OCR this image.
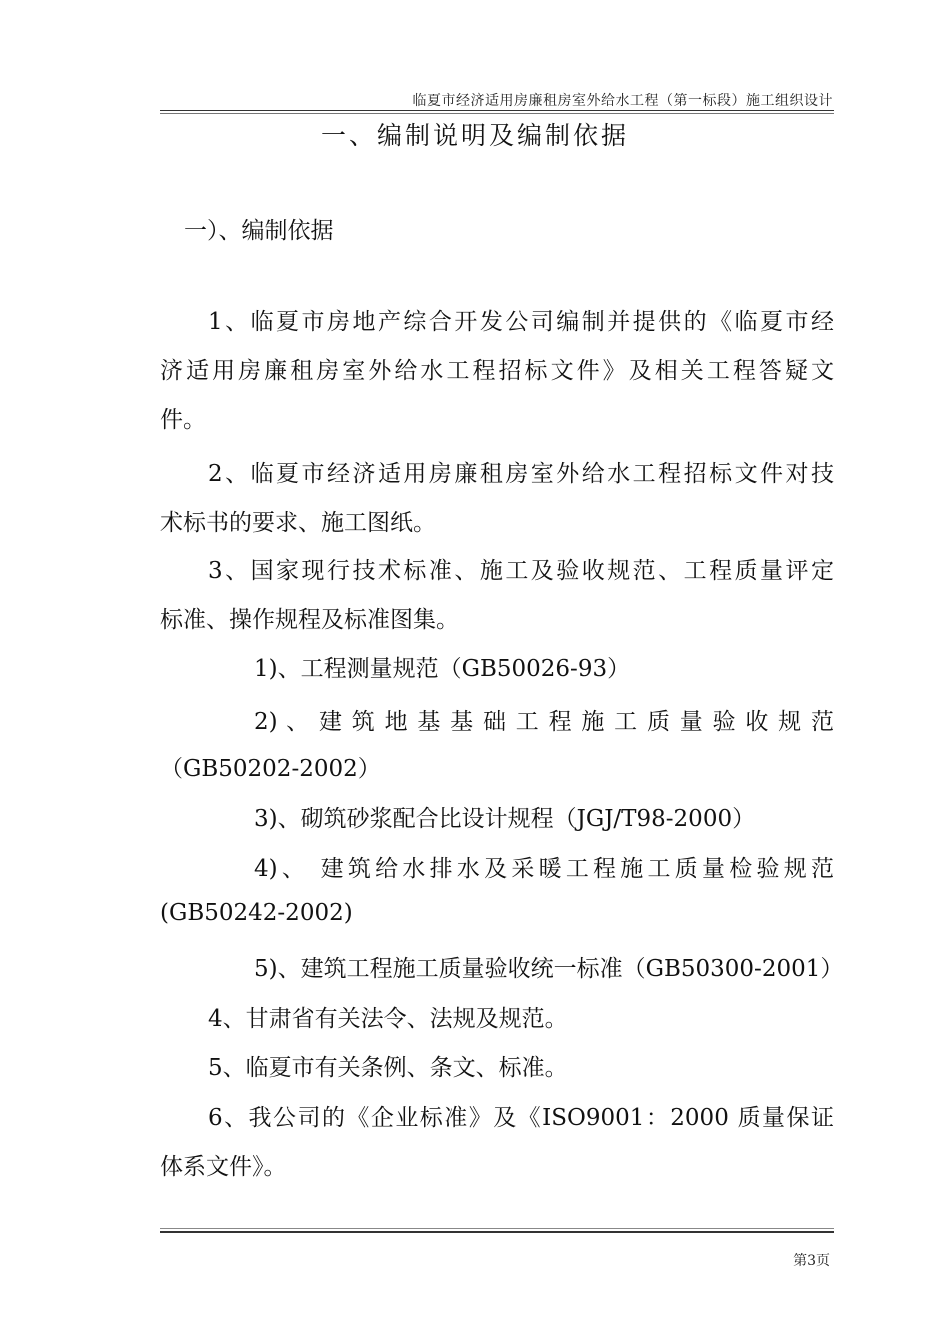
临夏市经济适用房廉租房室外给水工程（第一标段）施工组织设计
一、编制说明及编制依据

一）、编制依据

1、临夏市房地产综合开发公司编制并提供的《临夏市经

济适用房廉租房室外给水工程招标文件》及相关工程答疑文

件。

2、临夏市经济适用房廉租房室外给水工程招标文件对技

术标书的要求、施工图纸。

3、国家现行技术标准、施工及验收规范、工程质量评定

标准、操作规程及标准图集。

1)、工程测量规范（GB50026-93）

2) 、 建 筑 地 基 基 础 工 程 施 工 质 量 验 收 规 范

（GB50202-2002）

3)、砌筑砂浆配合比设计规程（JGJ/T98-2000）

4)、 建筑给水排水及采暖工程施工质量检验规范

(GB50242-2002)

5)、建筑工程施工质量验收统一标准（GB50300-2001）

4、甘肃省有关法令、法规及规范。

5、临夏市有关条例、条文、标准。

6、我公司的《企业标准》及《ISO9001：2000 质量保证

体系文件》。

第3页
